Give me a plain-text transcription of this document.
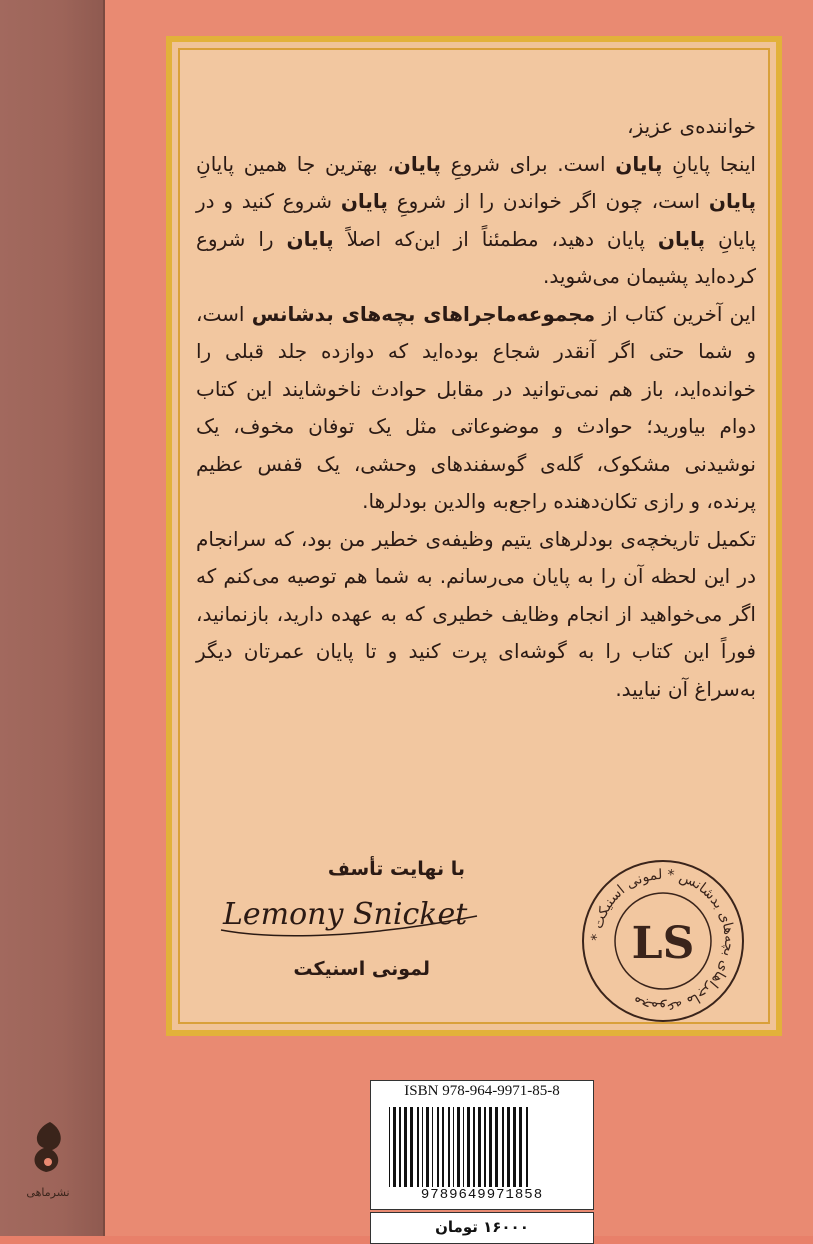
خواننده‌ی عزیز،

اینجا پایانِ پایان است. برای شروعِ پایان، بهترین جا همین پایانِ پایان است، چون اگر خواندن را از شروعِ پایان شروع کنید و در پایانِ پایان پایان دهید، مطمئناً از این‌که اصلاً پایان را شروع کرده‌اید پشیمان می‌شوید.

این آخرین کتاب از مجموعه‌ماجراهای بچه‌های بدشانس است، و شما حتی اگر آنقدر شجاع بوده‌اید که دوازده جلد قبلی را خوانده‌اید، باز هم نمی‌توانید در مقابل حوادث ناخوشایند این کتاب دوام بیاورید؛ حوادث و موضوعاتی مثل یک توفان مخوف، یک نوشیدنی مشکوک، گله‌ی گوسفندهای وحشی، یک قفس عظیم پرنده، و رازی تکان‌دهنده راجع‌به والدین بودلرها.

تکمیل تاریخچه‌ی بودلرهای یتیم وظیفه‌ی خطیر من بود، که سرانجام در این لحظه آن را به پایان می‌رسانم. به شما هم توصیه می‌کنم که اگر می‌خواهید از انجام وظایف خطیری که به عهده دارید، بازنمانید، فوراً این کتاب را به گوشه‌ای پرت کنید و تا پایان عمرتان دیگر به‌سراغ آن نیایید.

با نهایت تأسف
Lemony Snicket
لمونی اسنیکت
* مجموعه ماجراهای بچه‌های بدشانس * لمونی اسنیکت
LS
ISBN 978-964-9971-85-8
9789649971858
۱۶۰۰۰ تومان
نشرماهی
